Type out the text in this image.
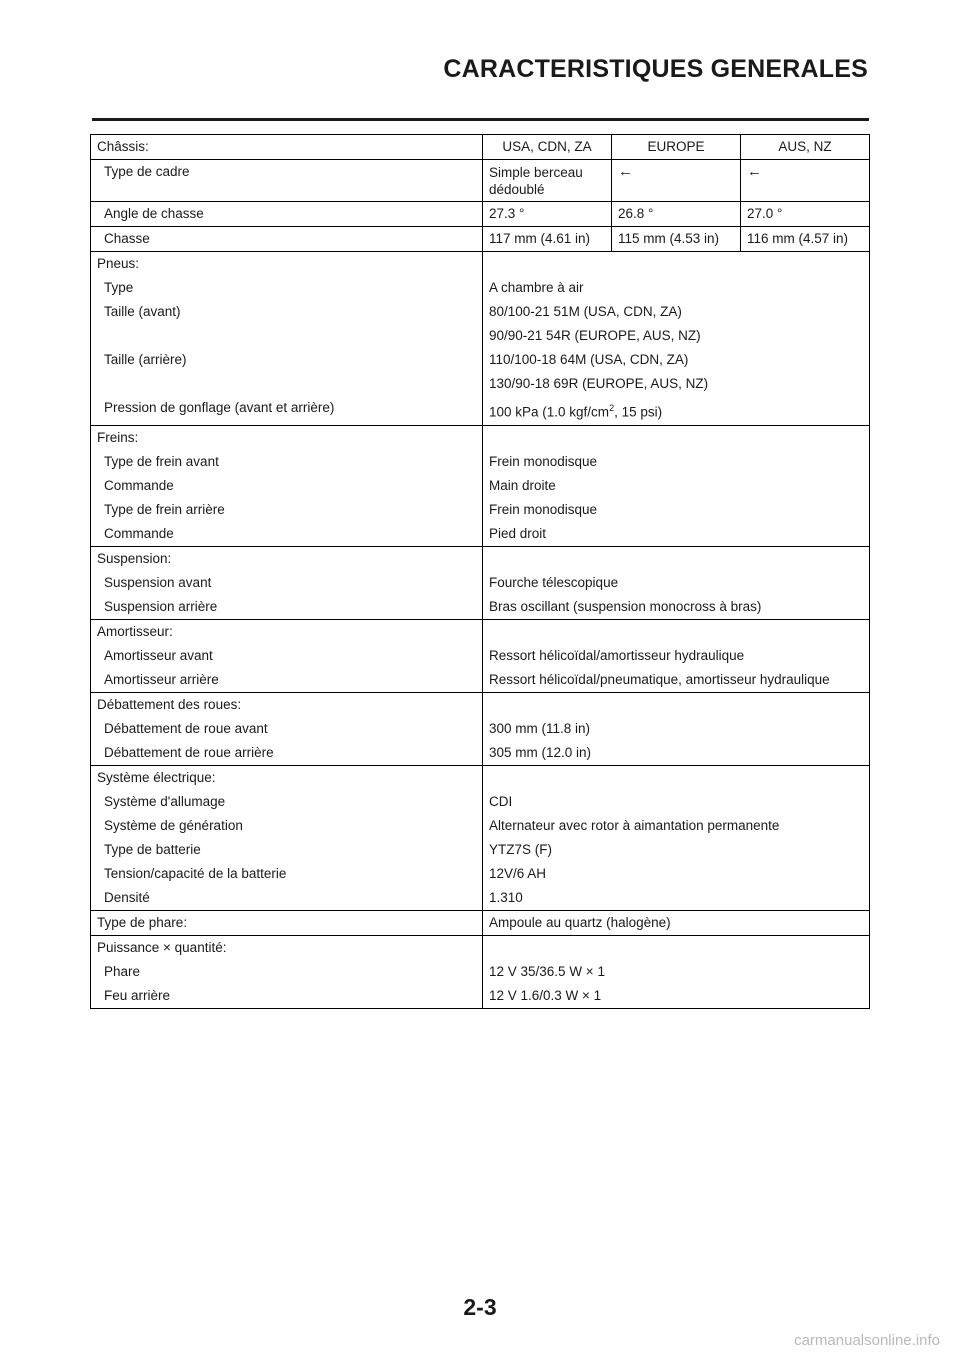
CARACTERISTIQUES GENERALES
Châssis:	USA, CDN, ZA	EUROPE	AUS, NZ
Type de cadre	Simple berceau dédoublé	←	←
Angle de chasse	27.3 °	26.8 °	27.0 °
Chasse	117 mm (4.61 in)	115 mm (4.53 in)	116 mm (4.57 in)
Pneus:			
Type	A chambre à air		
Taille (avant)	80/100-21 51M (USA, CDN, ZA)		
	90/90-21 54R (EUROPE, AUS, NZ)		
Taille (arrière)	110/100-18 64M (USA, CDN, ZA)		
	130/90-18 69R (EUROPE, AUS, NZ)		
Pression de gonflage (avant et arrière)	100 kPa (1.0 kgf/$cm^2$, 15 psi)		
Freins:			
Type de frein avant	Frein monodisque		
Commande	Main droite		
Type de frein arrière	Frein monodisque		
Commande	Pied droit		
Suspension:			
Suspension avant	Fourche télescopique		
Suspension arrière	Bras oscillant (suspension monocross à bras)		
Amortisseur:			
Amortisseur avant	Ressort hélicoïdal/amortisseur hydraulique		
Amortisseur arrière	Ressort hélicoïdal/pneumatique, amortisseur hydraulique		
Débattement des roues:			
Débattement de roue avant	300 mm (11.8 in)		
Débattement de roue arrière	305 mm (12.0 in)		
Système électrique:			
Système d'allumage	CDI		
Système de génération	Alternateur avec rotor à aimantation permanente		
Type de batterie	YTZ7S (F)		
Tension/capacité de la batterie	12V/6 AH		
Densité	1.310		
Type de phare:	Ampoule au quartz (halogène)		
Puissance × quantité:			
Phare	12 V 35/36.5 W × 1		
Feu arrière	12 V 1.6/0.3 W × 1		
2-3
carmanualsonline.info
